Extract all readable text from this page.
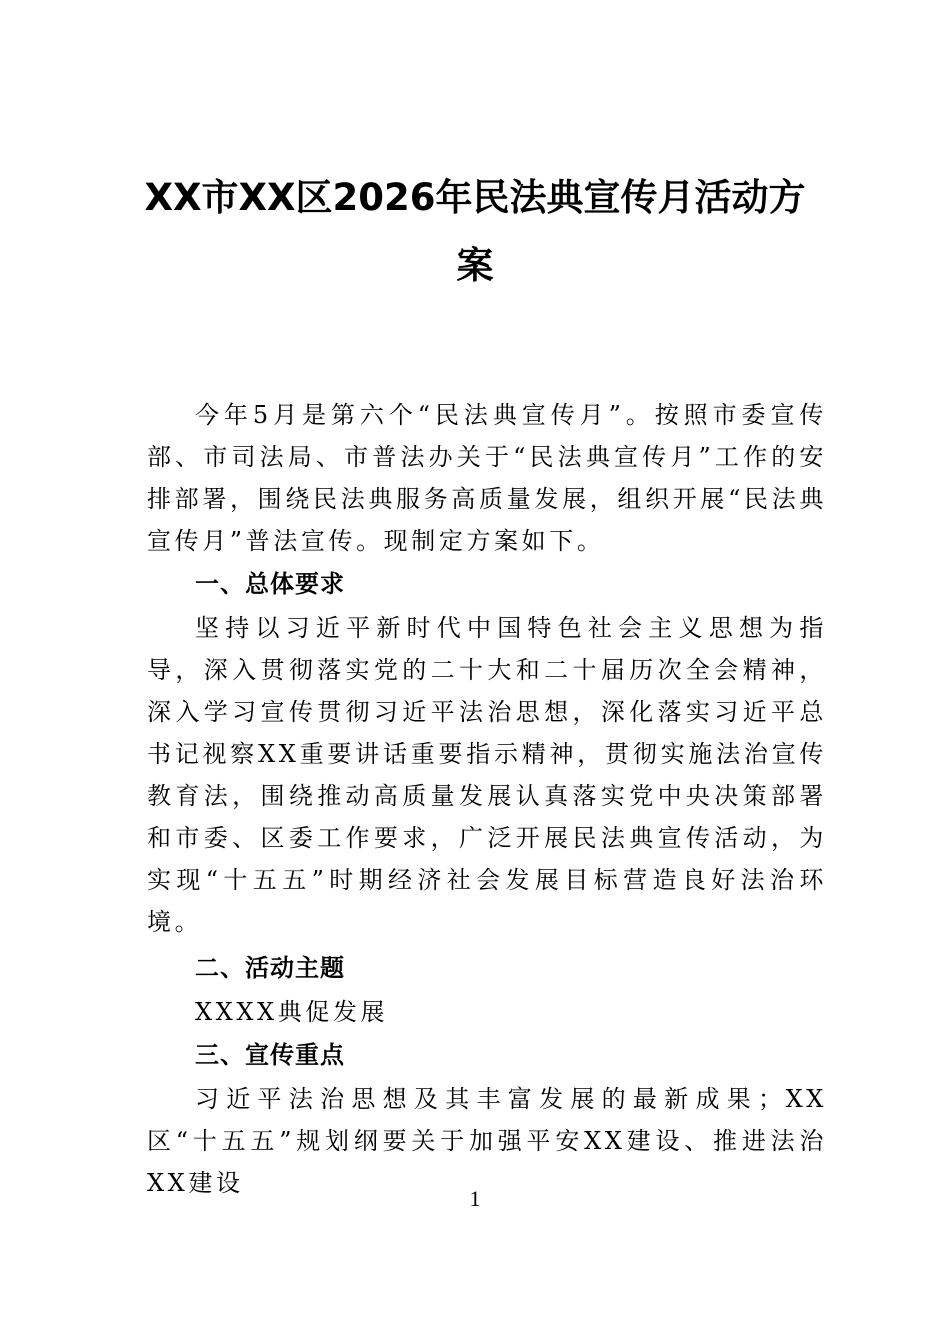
XX市XX区2026年民法典宣传月活动方
案

今年5月是第六个“民法典宣传月”。按照市委宣传部、市司法局、市普法办关于“民法典宣传月”工作的安排部署，围绕民法典服务高质量发展，组织开展“民法典宣传月”普法宣传。现制定方案如下。

一、总体要求

坚持以习近平新时代中国特色社会主义思想为指导，深入贯彻落实党的二十大和二十届历次全会精神，深入学习宣传贯彻习近平法治思想，深化落实习近平总书记视察XX重要讲话重要指示精神，贯彻实施法治宣传教育法，围绕推动高质量发展认真落实党中央决策部署和市委、区委工作要求，广泛开展民法典宣传活动，为实现“十五五”时期经济社会发展目标营造良好法治环境。

二、活动主题

XXXX典促发展

三、宣传重点

习近平法治思想及其丰富发展的最新成果；XX区“十五五”规划纲要关于加强平安XX建设、推进法治XX建设

1
